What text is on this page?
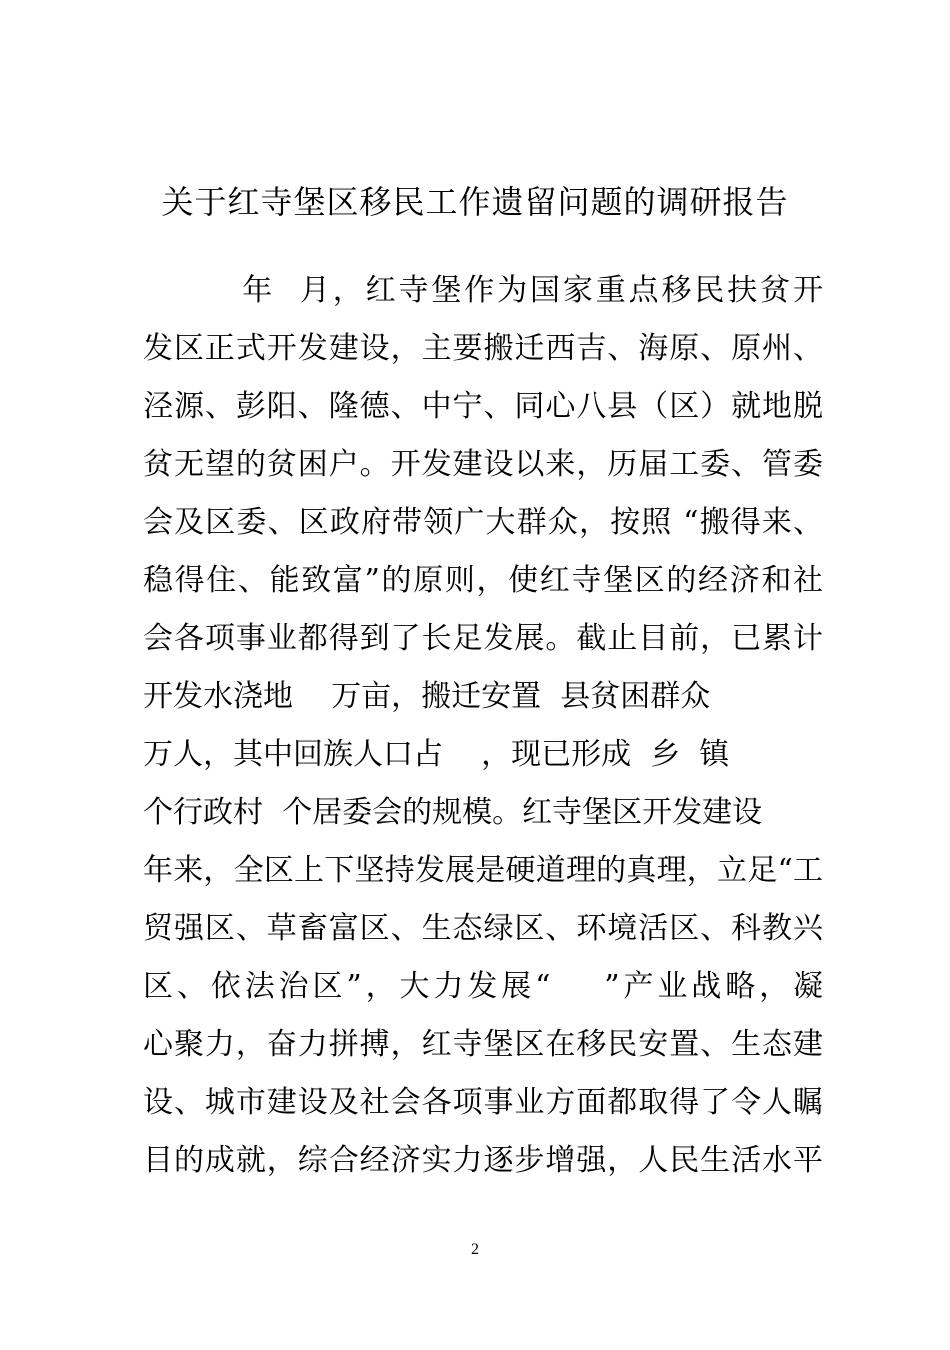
关于红寺堡区移民工作遗留问题的调研报告
年  月，红寺堡作为国家重点移民扶贫开
发区正式开发建设，主要搬迁西吉、海原、原州、
泾源、彭阳、隆德、中宁、同心八县（区）就地脱
贫无望的贫困户。开发建设以来，历届工委、管委
会及区委、区政府带领广大群众，按照 “搬得来、
稳得住、能致富”的原则，使红寺堡区的经济和社
会各项事业都得到了长足发展。截止目前，已累计
开发水浇地    万亩，搬迁安置  县贫困群众
万人，其中回族人口占    ，现已形成  乡  镇
个行政村  个居委会的规模。红寺堡区开发建设
年来，全区上下坚持发展是硬道理的真理，立足“工
贸强区、草畜富区、生态绿区、环境活区、科教兴
区、依法治区”，大力发展“    ”产业战略，凝
心聚力，奋力拼搏，红寺堡区在移民安置、生态建
设、城市建设及社会各项事业方面都取得了令人瞩
目的成就，综合经济实力逐步增强，人民生活水平
2
